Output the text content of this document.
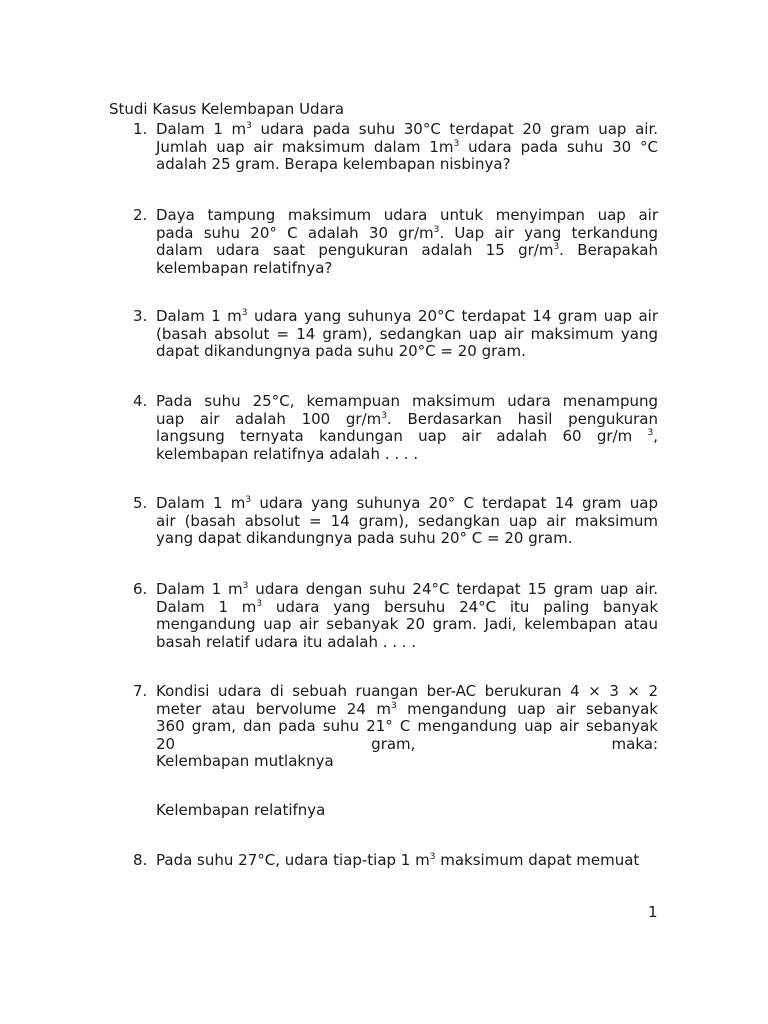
Studi Kasus Kelembapan Udara
1. Dalam 1 $m^3$ udara pada suhu 30°C terdapat 20 gram uap air.
Jumlah uap air maksimum dalam $1m^3$ udara pada suhu 30 °C
adalah 25 gram. Berapa kelembapan nisbinya?
2. Daya tampung maksimum udara untuk menyimpan uap air
pada suhu 20° C adalah 30 $gr/m^3$. Uap air yang terkandung
dalam udara saat pengukuran adalah 15 $gr/m^3$. Berapakah
kelembapan relatifnya?
3. Dalam 1 $m^3$ udara yang suhunya 20°C terdapat 14 gram uap air
(basah absolut = 14 gram), sedangkan uap air maksimum yang
dapat dikandungnya pada suhu 20°C = 20 gram.
4. Pada suhu 25°C, kemampuan maksimum udara menampung
uap air adalah 100 $gr/m^3$. Berdasarkan hasil pengukuran
langsung ternyata kandungan uap air adalah 60 gr/m $^3$,
kelembapan relatifnya adalah . . . .
5. Dalam 1 $m^3$ udara yang suhunya 20° C terdapat 14 gram uap
air (basah absolut = 14 gram), sedangkan uap air maksimum
yang dapat dikandungnya pada suhu 20° C = 20 gram.
6. Dalam 1 $m^3$ udara dengan suhu 24°C terdapat 15 gram uap air.
Dalam 1 $m^3$ udara yang bersuhu 24°C itu paling banyak
mengandung uap air sebanyak 20 gram. Jadi, kelembapan atau
basah relatif udara itu adalah . . . .
7. Kondisi udara di sebuah ruangan ber-AC berukuran 4 × 3 × 2
meter atau bervolume 24 $m^3$ mengandung uap air sebanyak
360 gram, dan pada suhu 21° C mengandung uap air sebanyak
20 gram, maka:
Kelembapan mutlaknya
Kelembapan relatifnya
8. Pada suhu 27°C, udara tiap-tiap 1 $m^3$ maksimum dapat memuat
1
